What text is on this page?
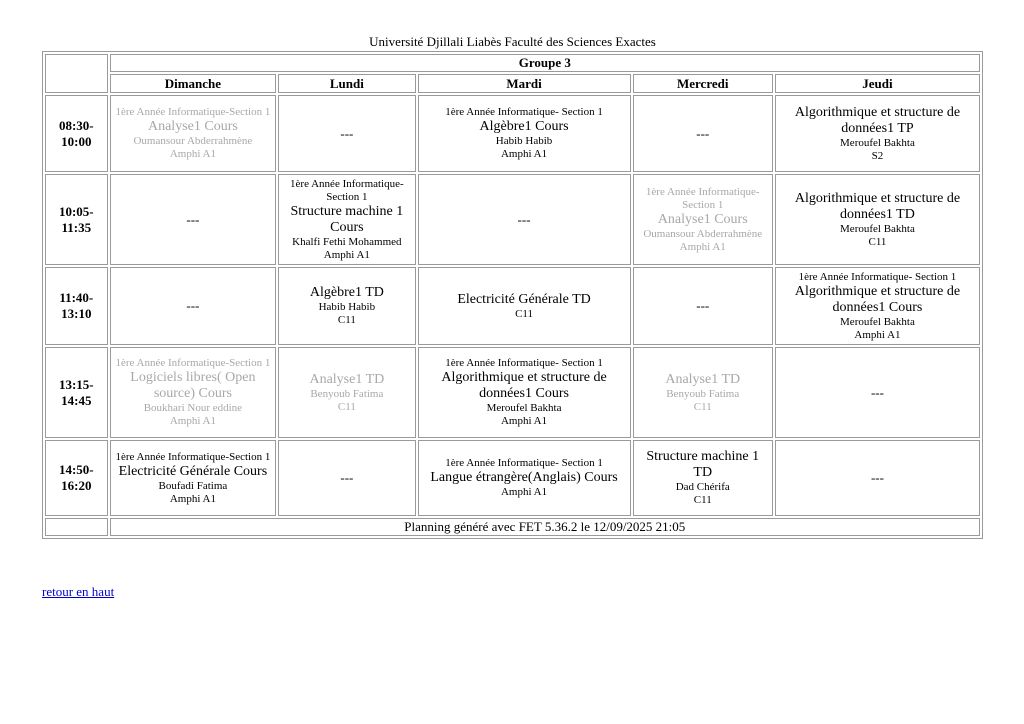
Université Djillali Liabès Faculté des Sciences Exactes
	Groupe 3				
	Dimanche	Lundi	Mardi	Mercredi	Jeudi
08:30-10:00	1ère Année Informatique-Section 1
Analyse1 Cours
Oumansour Abderrahmène
Amphi A1	---	1ère Année Informatique- Section 1
Algèbre1 Cours
Habib Habib
Amphi A1	---	Algorithmique et structure de données1 TP
Meroufel Bakhta
S2

10:05-11:35	---	1ère Année Informatique-Section 1
Structure machine 1 Cours
Khalfi Fethi Mohammed
Amphi A1	---	1ère Année Informatique-Section 1
Analyse1 Cours
Oumansour Abderrahmène
Amphi A1	Algorithmique et structure de données1 TD
Meroufel Bakhta
C11

11:40-13:10	---	Algèbre1 TD
Habib Habib
C11	Electricité Générale TD
C11	---	1ère Année Informatique- Section 1
Algorithmique et structure de données1 Cours
Meroufel Bakhta
Amphi A1

13:15-14:45	1ère Année Informatique-Section 1
Logiciels libres( Open source) Cours
Boukhari Nour eddine
Amphi A1	Analyse1 TD
Benyoub Fatima
C11	1ère Année Informatique- Section 1
Algorithmique et structure de données1 Cours
Meroufel Bakhta
Amphi A1	Analyse1 TD
Benyoub Fatima
C11	---
14:50-16:20	1ère Année Informatique-Section 1
Electricité Générale Cours
Boufadi Fatima
Amphi A1	---	1ère Année Informatique- Section 1
Langue étrangère(Anglais) Cours
Amphi A1	Structure machine 1 TD
Dad Chérifa
C11	---
	Planning généré avec FET 5.36.2 le 12/09/2025 21:05				
retour en haut
